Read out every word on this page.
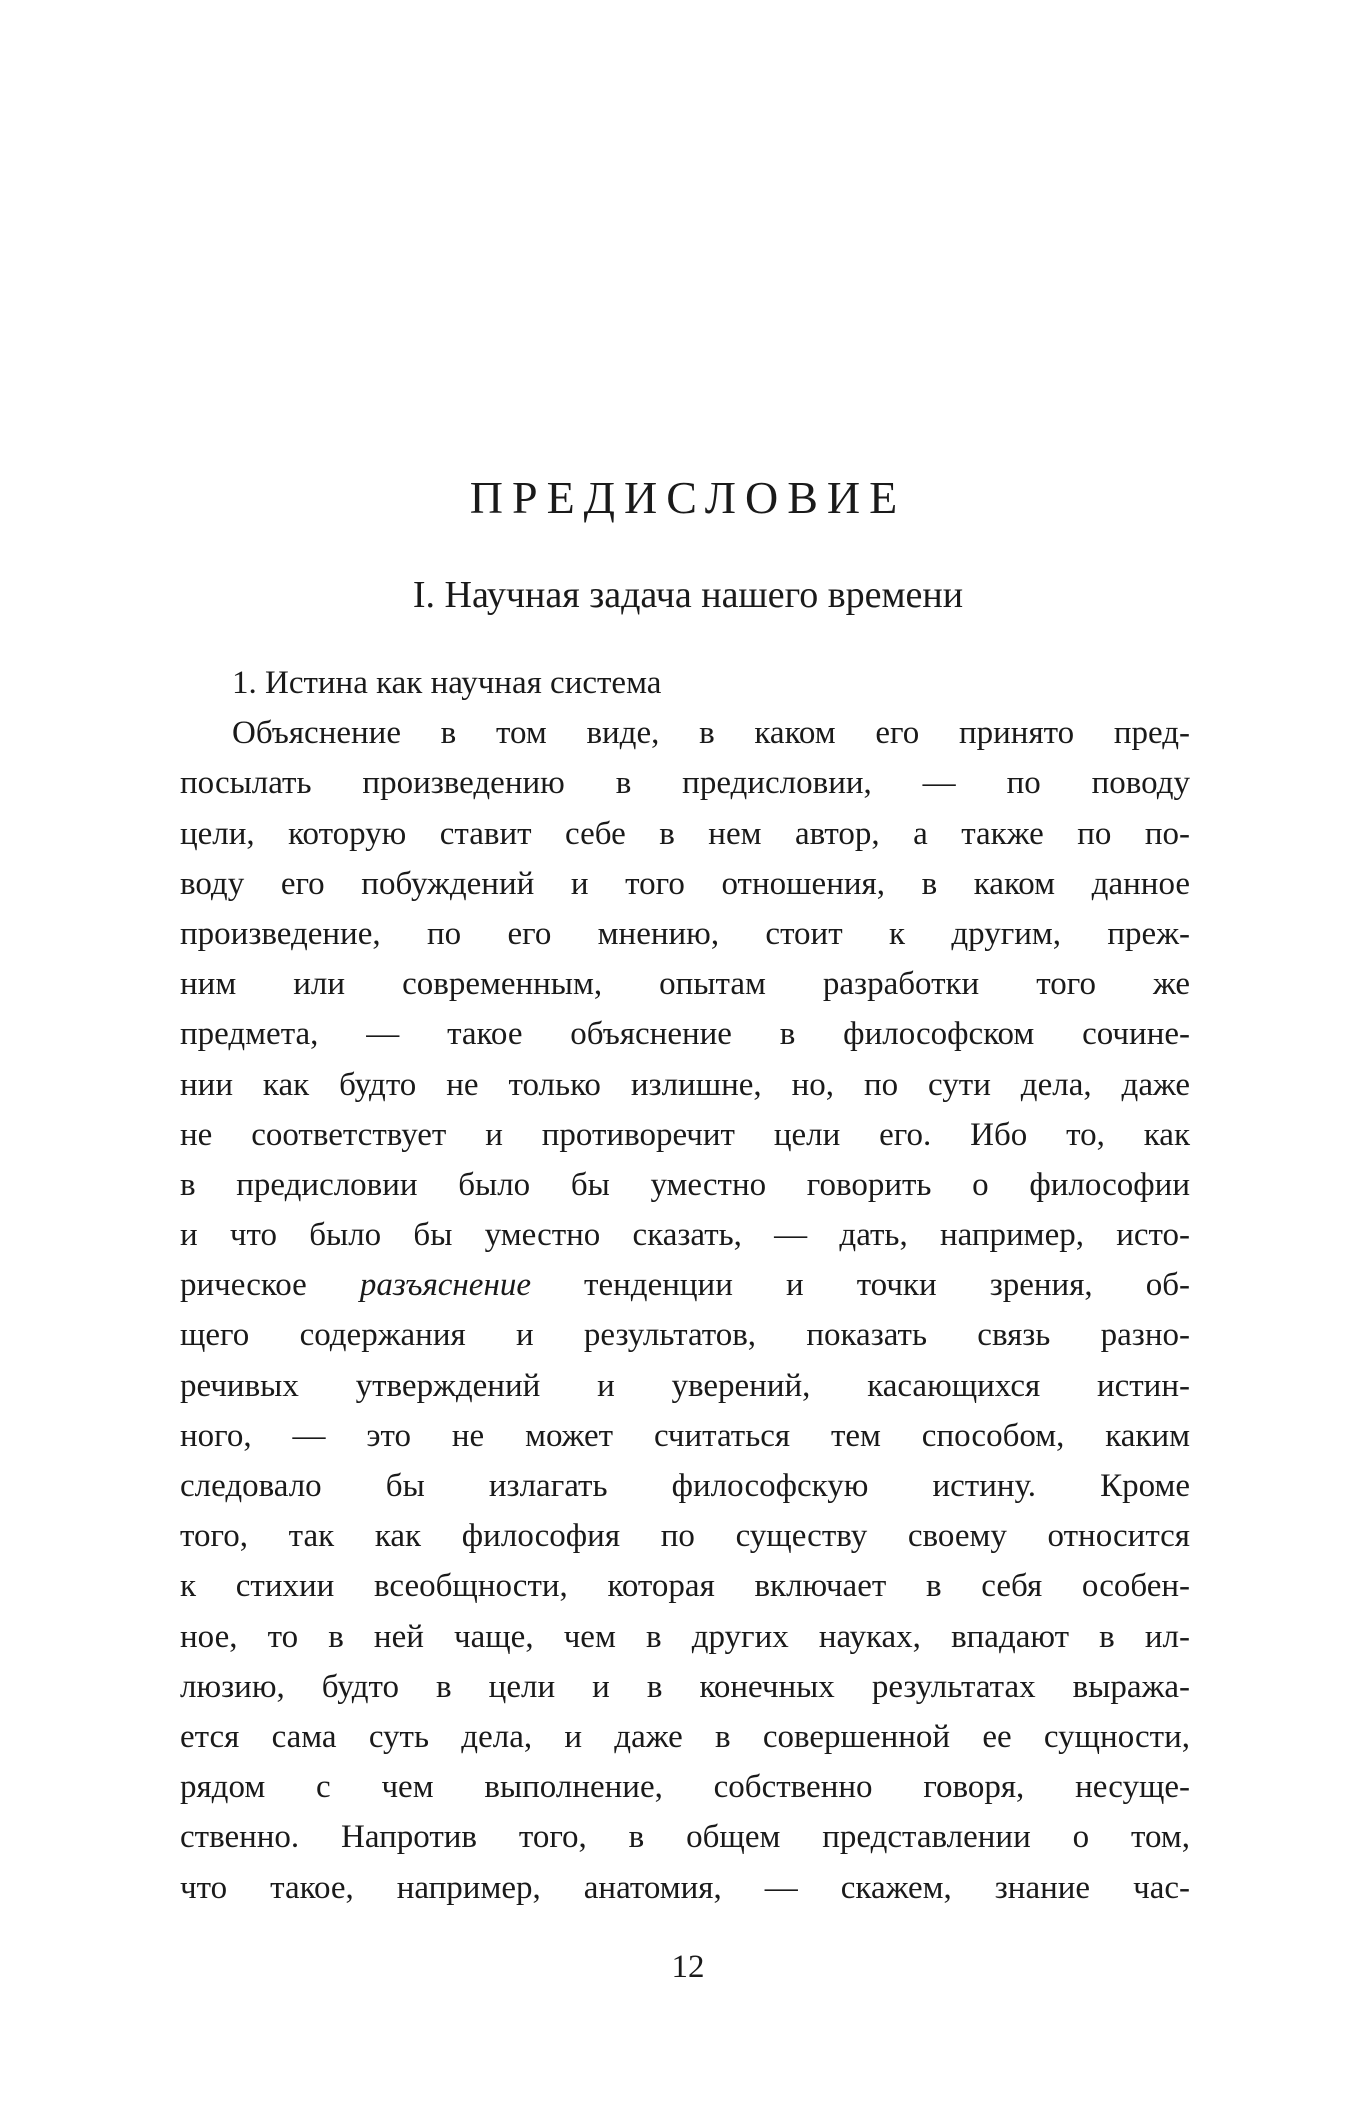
ПРЕДИСЛОВИЕ
I. Научная задача нашего времени
1. Истина как научная система
Объяснение в том виде, в каком его принято пред-
посылать произведению в предисловии, — по поводу
цели, которую ставит себе в нем автор, а также по по-
воду его побуждений и того отношения, в каком данное
произведение, по его мнению, стоит к другим, преж-
ним или современным, опытам разработки того же
предмета, — такое объяснение в философском сочине-
нии как будто не только излишне, но, по сути дела, даже
не соответствует и противоречит цели его. Ибо то, как
в предисловии было бы уместно говорить о философии
и что было бы уместно сказать, — дать, например, исто-
рическое разъяснение тенденции и точки зрения, об-
щего содержания и результатов, показать связь разно-
речивых утверждений и уверений, касающихся истин-
ного, — это не может считаться тем способом, каким
следовало бы излагать философскую истину. Кроме
того, так как философия по существу своему относится
к стихии всеобщности, которая включает в себя особен-
ное, то в ней чаще, чем в других науках, впадают в ил-
люзию, будто в цели и в конечных результатах выража-
ется сама суть дела, и даже в совершенной ее сущности,
рядом с чем выполнение, собственно говоря, несуще-
ственно. Напротив того, в общем представлении о том,
что такое, например, анатомия, — скажем, знание час-
12
